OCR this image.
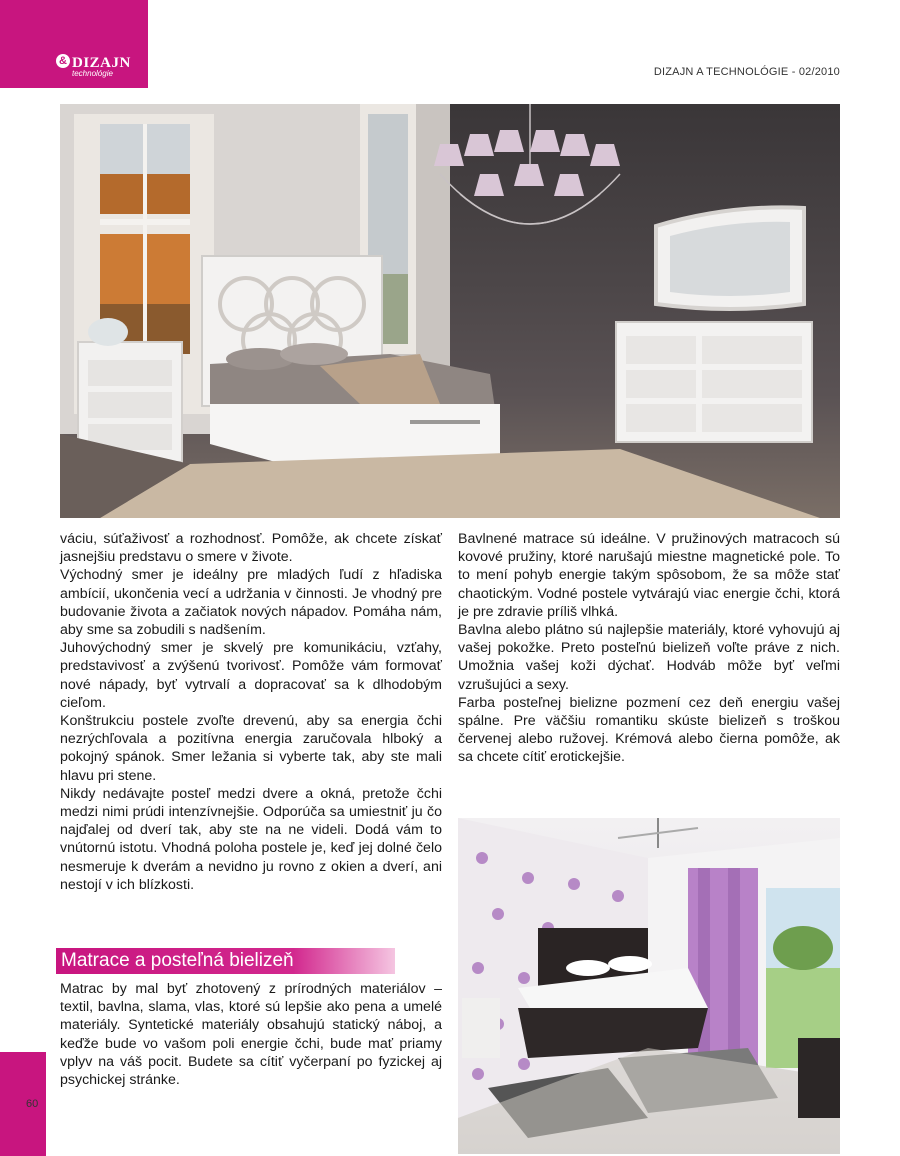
& DIZAJN
technológie	DIZAJN A TECHNOLÓGIE - 02/2010

váciu, súťaživosť a rozhodnosť. Pomôže, ak chcete získať jasnejšiu predstavu o smere v živote.

Východný smer je ideálny pre mladých ľudí z hľadiska ambícií, ukončenia vecí a udržania v činnosti. Je vhodný pre budovanie života a začiatok nových nápadov. Pomáha nám, aby sme sa zobudili s nadšením.

Juhovýchodný smer je skvelý pre komunikáciu, vzťahy, predstavivosť a zvýšenú tvorivosť. Pomôže vám formovať nové nápady, byť vytrvalí a dopracovať sa k dlhodobým cieľom.

Konštrukciu postele zvoľte drevenú, aby sa energia čchi nezrýchľovala a pozitívna energia zaručovala hlboký a pokojný spánok. Smer ležania si vyberte tak, aby ste mali hlavu pri stene.

Nikdy nedávajte posteľ medzi dvere a okná, pretože čchi medzi nimi prúdi intenzívnejšie. Odporúča sa umiestniť ju čo najďalej od dverí tak, aby ste na ne videli. Dodá vám to vnútornú istotu. Vhodná poloha postele je, keď jej dolné čelo nesmeruje k dverám a nevidno ju rovno z okien a dverí, ani nestojí v ich blízkosti.

Matrace a posteľná bielizeň

Matrac by mal byť zhotovený z prírodných materiálov – textil, bavlna, slama, vlas, ktoré sú lepšie ako pena a umelé materiály. Syntetické materiály obsahujú statický náboj, a keďže bude vo vašom poli energie čchi, bude mať priamy vplyv na váš pocit. Budete sa cítiť vyčerpaní po fyzickej aj psychickej stránke.

Bavlnené matrace sú ideálne. V pružinových matracoch sú kovové pružiny, ktoré narušajú miestne magnetické pole. To to mení pohyb energie takým spôsobom, že sa môže stať chaotickým. Vodné postele vytvárajú viac energie čchi, ktorá je pre zdravie príliš vlhká.

Bavlna alebo plátno sú najlepšie materiály, ktoré vyhovujú aj vašej pokožke. Preto posteľnú bielizeň voľte práve z nich. Umožnia vašej koži dýchať. Hodváb môže byť veľmi vzrušujúci a sexy.

Farba posteľnej bielizne pozmení cez deň energiu vašej spálne. Pre väčšiu romantiku skúste bielizeň s troškou červenej alebo ružovej. Krémová alebo čierna pomôže, ak sa chcete cítiť erotickejšie.

60
